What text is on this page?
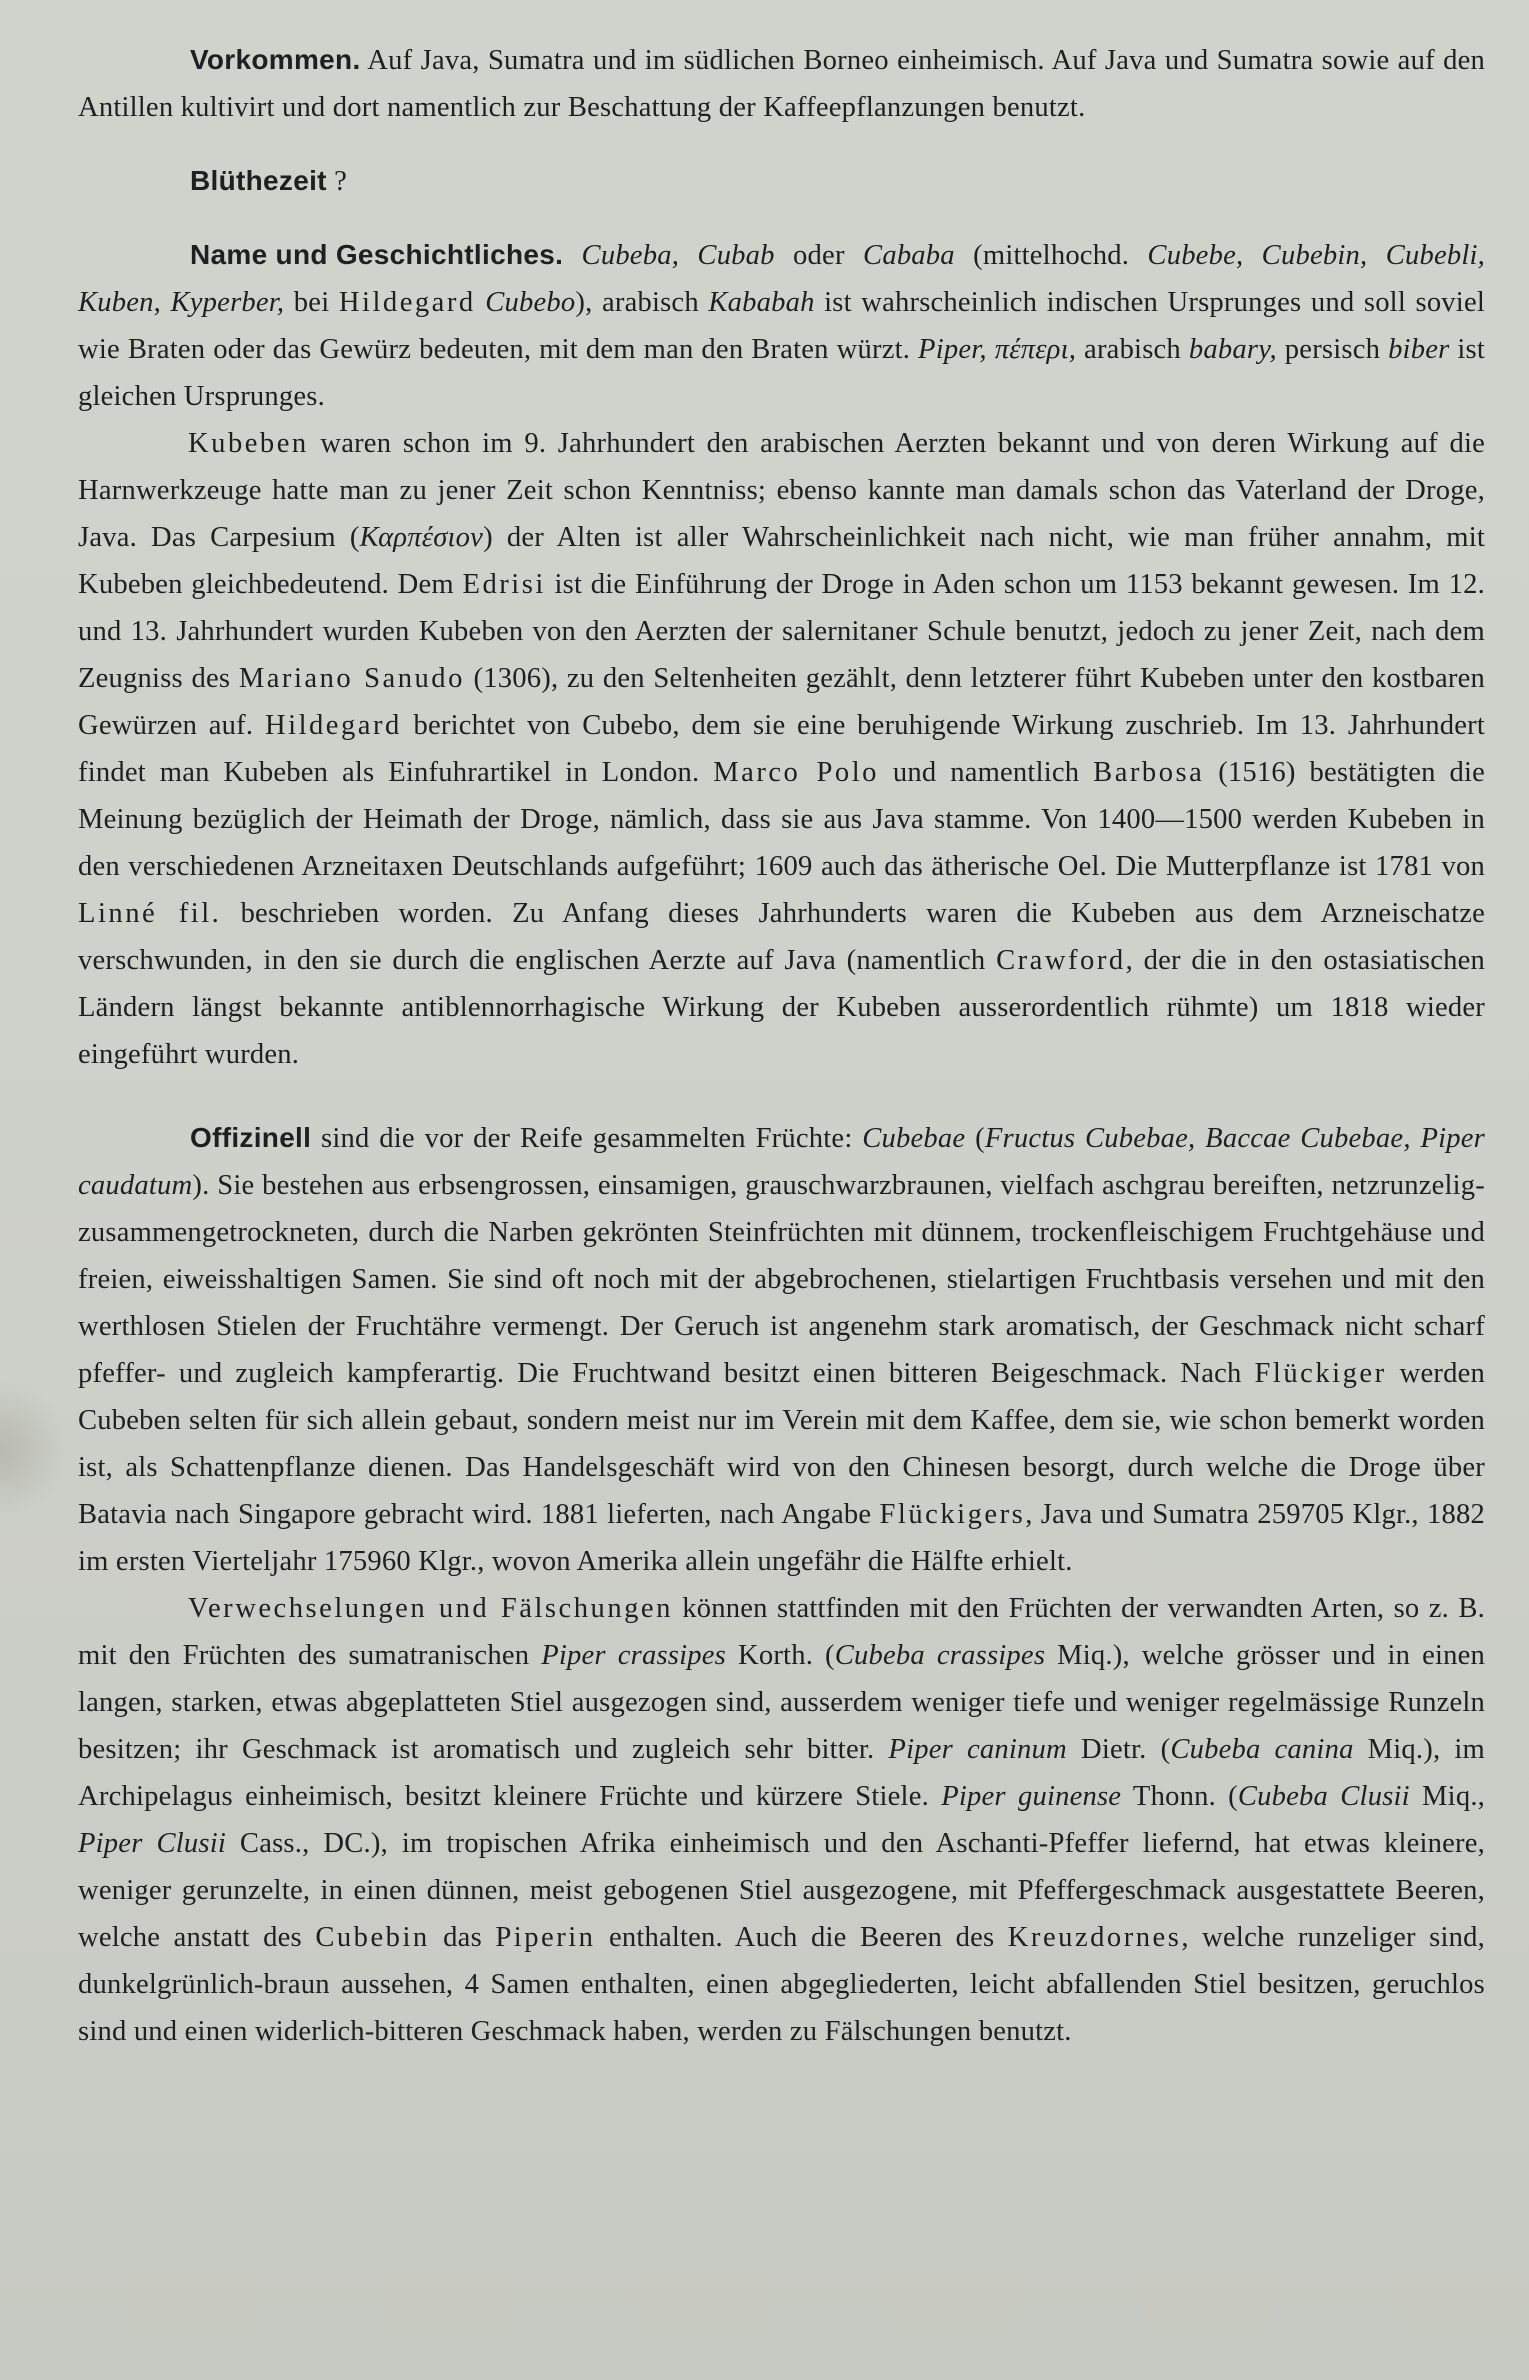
Vorkommen. Auf Java, Sumatra und im südlichen Borneo einheimisch. Auf Java und Sumatra sowie auf den Antillen kultivirt und dort namentlich zur Beschattung der Kaffeepflanzungen benutzt.

Blüthezeit ?

Name und Geschichtliches. Cubeba, Cubab oder Cababa (mittelhochd. Cubebe, Cubebin, Cubebli, Kuben, Kyperber, bei Hildegard Cubebo), arabisch Kababah ist wahrscheinlich indischen Ursprunges und soll soviel wie Braten oder das Gewürz bedeuten, mit dem man den Braten würzt. Piper, πέπερι, arabisch babary, persisch biber ist gleichen Ursprunges.

Kubeben waren schon im 9. Jahrhundert den arabischen Aerzten bekannt und von deren Wirkung auf die Harnwerkzeuge hatte man zu jener Zeit schon Kenntniss; ebenso kannte man damals schon das Vaterland der Droge, Java. Das Carpesium (Καρπέσιον) der Alten ist aller Wahrscheinlichkeit nach nicht, wie man früher annahm, mit Kubeben gleichbedeutend. Dem Edrisi ist die Einführung der Droge in Aden schon um 1153 bekannt gewesen. Im 12. und 13. Jahrhundert wurden Kubeben von den Aerzten der salernitaner Schule benutzt, jedoch zu jener Zeit, nach dem Zeugniss des Mariano Sanudo (1306), zu den Seltenheiten gezählt, denn letzterer führt Kubeben unter den kostbaren Gewürzen auf. Hildegard berichtet von Cubebo, dem sie eine beruhigende Wirkung zuschrieb. Im 13. Jahrhundert findet man Kubeben als Einfuhrartikel in London. Marco Polo und namentlich Barbosa (1516) bestätigten die Meinung bezüglich der Heimath der Droge, nämlich, dass sie aus Java stamme. Von 1400—1500 werden Kubeben in den verschiedenen Arzneitaxen Deutschlands aufgeführt; 1609 auch das ätherische Oel. Die Mutterpflanze ist 1781 von Linné fil. beschrieben worden. Zu Anfang dieses Jahrhunderts waren die Kubeben aus dem Arzneischatze verschwunden, in den sie durch die englischen Aerzte auf Java (namentlich Crawford, der die in den ostasiatischen Ländern längst bekannte antiblennorrhagische Wirkung der Kubeben ausserordentlich rühmte) um 1818 wieder eingeführt wurden.

Offizinell sind die vor der Reife gesammelten Früchte: Cubebae (Fructus Cubebae, Baccae Cubebae, Piper caudatum). Sie bestehen aus erbsengrossen, einsamigen, grauschwarzbraunen, vielfach aschgrau bereiften, netzrunzelig-zusammengetrockneten, durch die Narben gekrönten Steinfrüchten mit dünnem, trockenfleischigem Fruchtgehäuse und freien, eiweisshaltigen Samen. Sie sind oft noch mit der abgebrochenen, stielartigen Fruchtbasis versehen und mit den werthlosen Stielen der Fruchtähre vermengt. Der Geruch ist angenehm stark aromatisch, der Geschmack nicht scharf pfeffer- und zugleich kampferartig. Die Fruchtwand besitzt einen bitteren Beigeschmack. Nach Flückiger werden Cubeben selten für sich allein gebaut, sondern meist nur im Verein mit dem Kaffee, dem sie, wie schon bemerkt worden ist, als Schattenpflanze dienen. Das Handelsgeschäft wird von den Chinesen besorgt, durch welche die Droge über Batavia nach Singapore gebracht wird. 1881 lieferten, nach Angabe Flückigers, Java und Sumatra 259705 Klgr., 1882 im ersten Vierteljahr 175960 Klgr., wovon Amerika allein ungefähr die Hälfte erhielt.

Verwechselungen und Fälschungen können stattfinden mit den Früchten der verwandten Arten, so z. B. mit den Früchten des sumatranischen Piper crassipes Korth. (Cubeba crassipes Miq.), welche grösser und in einen langen, starken, etwas abgeplatteten Stiel ausgezogen sind, ausserdem weniger tiefe und weniger regelmässige Runzeln besitzen; ihr Geschmack ist aromatisch und zugleich sehr bitter. Piper caninum Dietr. (Cubeba canina Miq.), im Archipelagus einheimisch, besitzt kleinere Früchte und kürzere Stiele. Piper guinense Thonn. (Cubeba Clusii Miq., Piper Clusii Cass., DC.), im tropischen Afrika einheimisch und den Aschanti-Pfeffer liefernd, hat etwas kleinere, weniger gerunzelte, in einen dünnen, meist gebogenen Stiel ausgezogene, mit Pfeffergeschmack ausgestattete Beeren, welche anstatt des Cubebin das Piperin enthalten. Auch die Beeren des Kreuzdornes, welche runzeliger sind, dunkelgrünlich-braun aussehen, 4 Samen enthalten, einen abgegliederten, leicht abfallenden Stiel besitzen, geruchlos sind und einen widerlich-bitteren Geschmack haben, werden zu Fälschungen benutzt.
